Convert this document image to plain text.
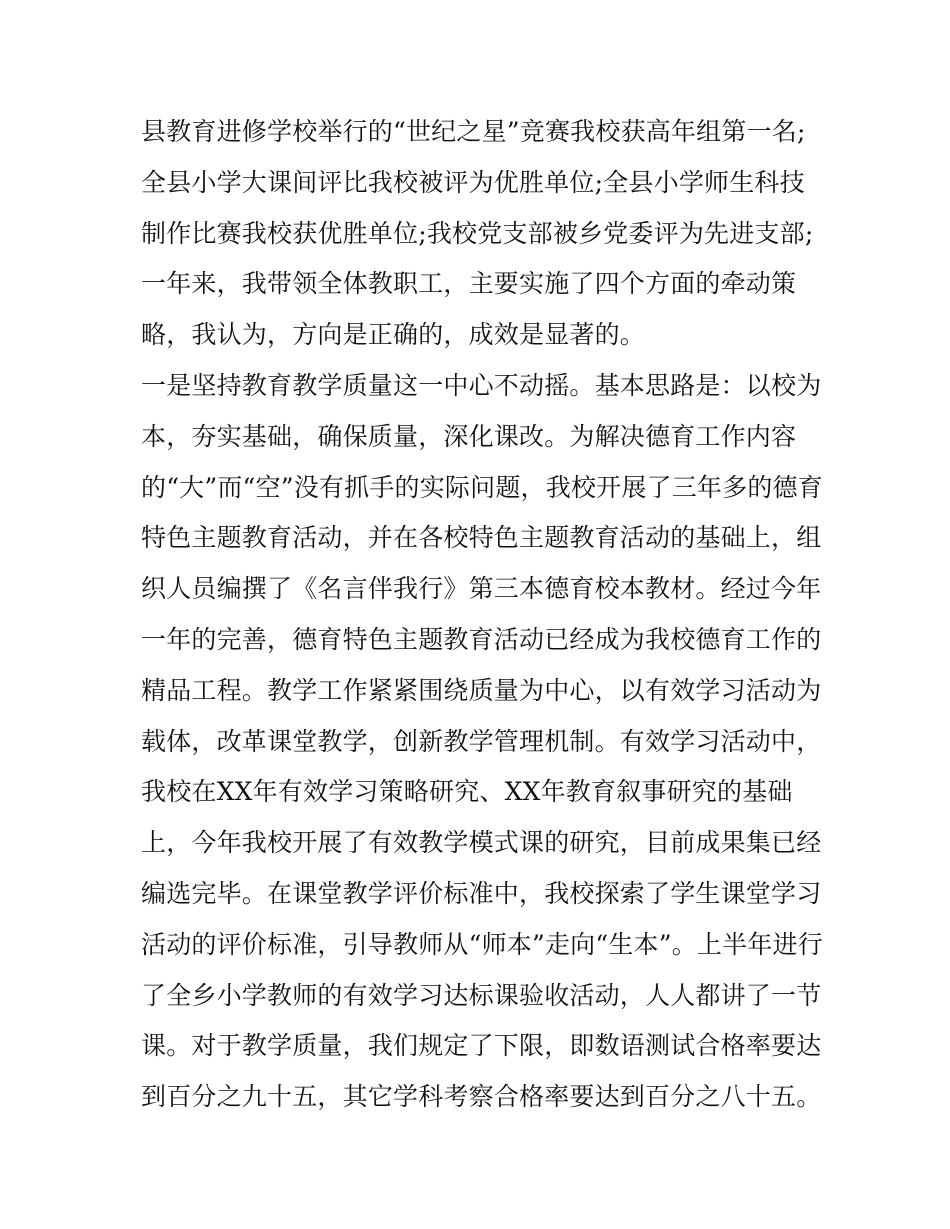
县教育进修学校举行的“世纪之星”竞赛我校获高年组第一名;
全县小学大课间评比我校被评为优胜单位;全县小学师生科技
制作比赛我校获优胜单位;我校党支部被乡党委评为先进支部;
一年来，我带领全体教职工，主要实施了四个方面的牵动策
略，我认为，方向是正确的，成效是显著的。
一是坚持教育教学质量这一中心不动摇。基本思路是：以校为
本，夯实基础，确保质量，深化课改。为解决德育工作内容
的“大”而“空”没有抓手的实际问题，我校开展了三年多的德育
特色主题教育活动，并在各校特色主题教育活动的基础上，组
织人员编撰了《名言伴我行》第三本德育校本教材。经过今年
一年的完善，德育特色主题教育活动已经成为我校德育工作的
精品工程。教学工作紧紧围绕质量为中心，以有效学习活动为
载体，改革课堂教学，创新教学管理机制。有效学习活动中，
我校在XX年有效学习策略研究、XX年教育叙事研究的基础
上，今年我校开展了有效教学模式课的研究，目前成果集已经
编选完毕。在课堂教学评价标准中，我校探索了学生课堂学习
活动的评价标准，引导教师从“师本”走向“生本”。上半年进行
了全乡小学教师的有效学习达标课验收活动，人人都讲了一节
课。对于教学质量，我们规定了下限，即数语测试合格率要达
到百分之九十五，其它学科考察合格率要达到百分之八十五。
